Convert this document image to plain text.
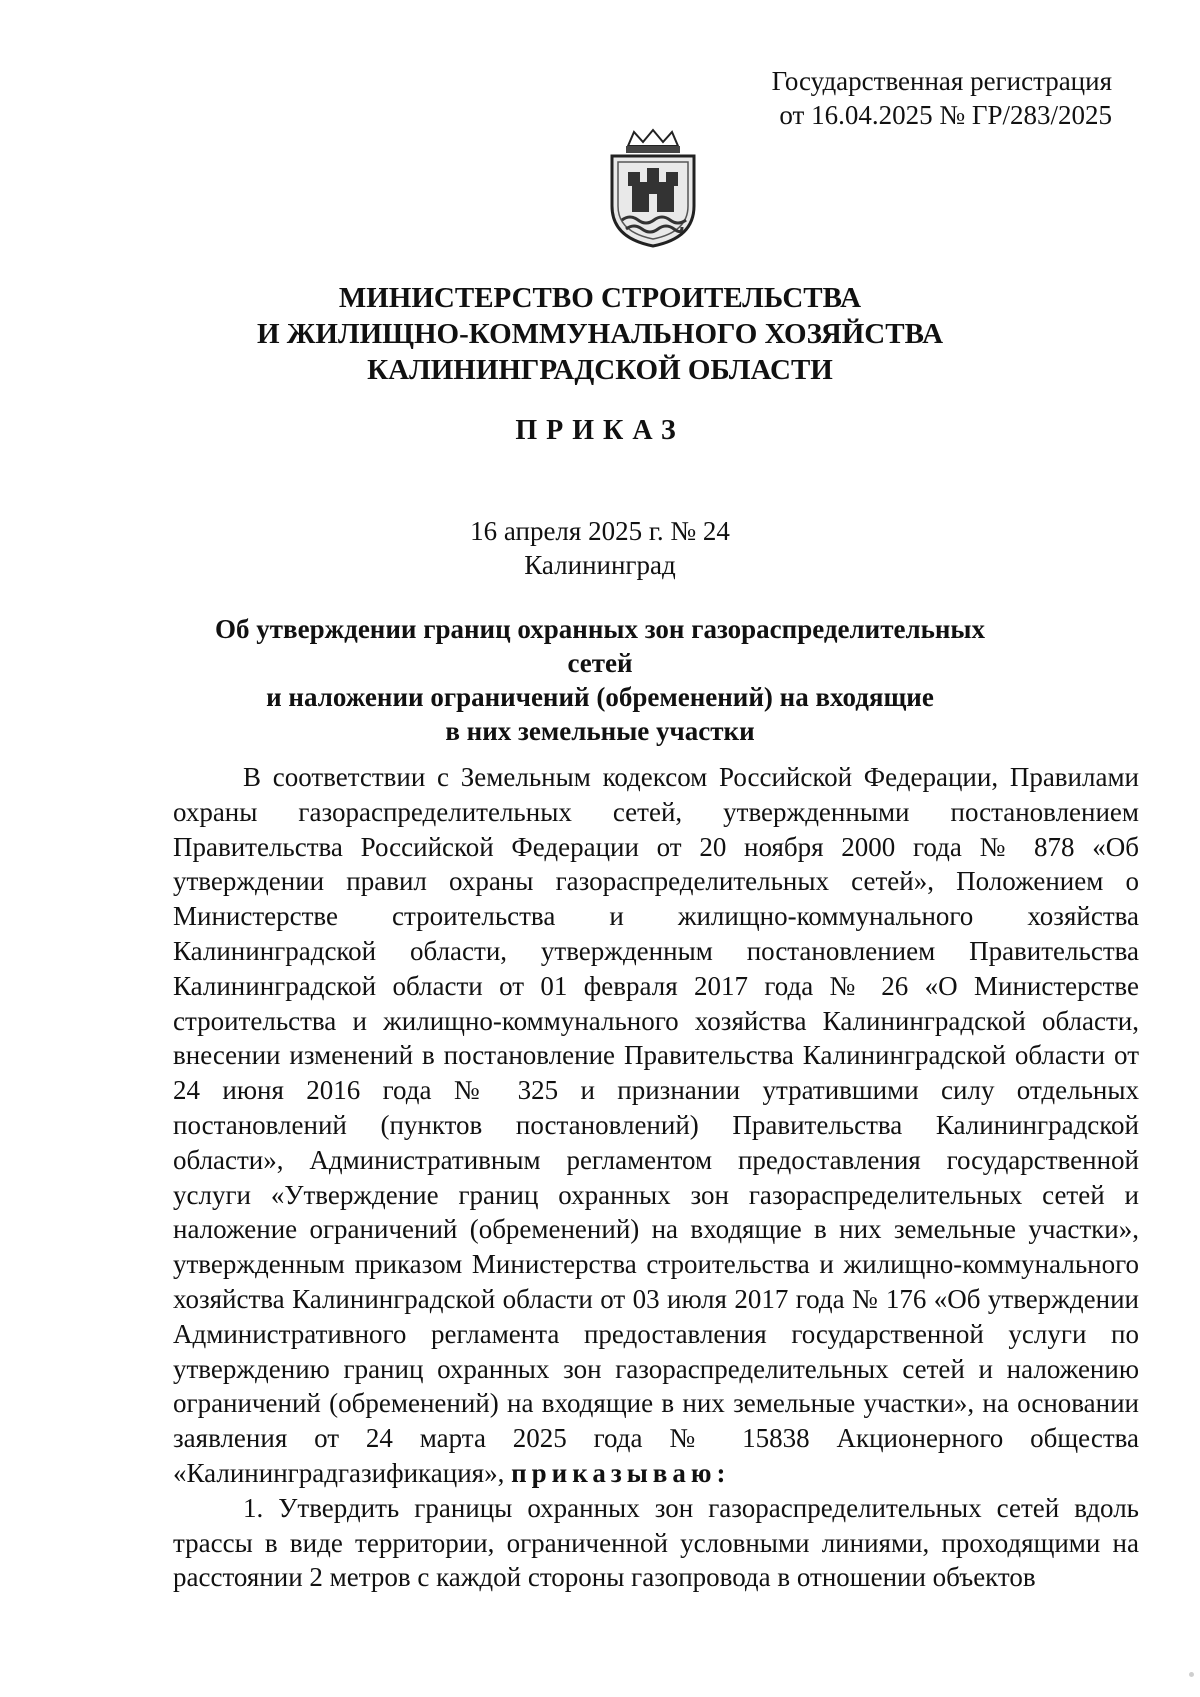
Государственная регистрация
от 16.04.2025 № ГР/283/2025
МИНИСТЕРСТВО СТРОИТЕЛЬСТВА
И ЖИЛИЩНО-КОММУНАЛЬНОГО ХОЗЯЙСТВА
КАЛИНИНГРАДСКОЙ ОБЛАСТИ
ПРИКАЗ
16 апреля 2025 г. № 24
Калининград
Об утверждении границ охранных зон газораспределительных сетей
и наложении ограничений (обременений) на входящие
в них земельные участки

В соответствии с Земельным кодексом Российской Федерации, Правилами охраны газораспределительных сетей, утвержденными постановлением Правительства Российской Федерации от 20 ноября 2000 года № 878 «Об утверждении правил охраны газораспределительных сетей», Положением о Министерстве строительства и жилищно-коммунального хозяйства Калининградской области, утвержденным постановлением Правительства Калининградской области от 01 февраля 2017 года № 26 «О Министерстве строительства и жилищно-коммунального хозяйства Калининградской области, внесении изменений в постановление Правительства Калининградской области от 24 июня 2016 года № 325 и признании утратившими силу отдельных постановлений (пунктов постановлений) Правительства Калининградской области», Административным регламентом предоставления государственной услуги «Утверждение границ охранных зон газораспределительных сетей и наложение ограничений (обременений) на входящие в них земельные участки», утвержденным приказом Министерства строительства и жилищно-коммунального хозяйства Калининградской области от 03 июля 2017 года № 176 «Об утверждении Административного регламента предоставления государственной услуги по утверждению границ охранных зон газораспределительных сетей и наложению ограничений (обременений) на входящие в них земельные участки», на основании заявления от 24 марта 2025 года № 15838 Акционерного общества «Калининградгазификация», приказываю:

1. Утвердить границы охранных зон газораспределительных сетей вдоль трассы в виде территории, ограниченной условными линиями, проходящими на расстоянии 2 метров с каждой стороны газопровода в отношении объектов
